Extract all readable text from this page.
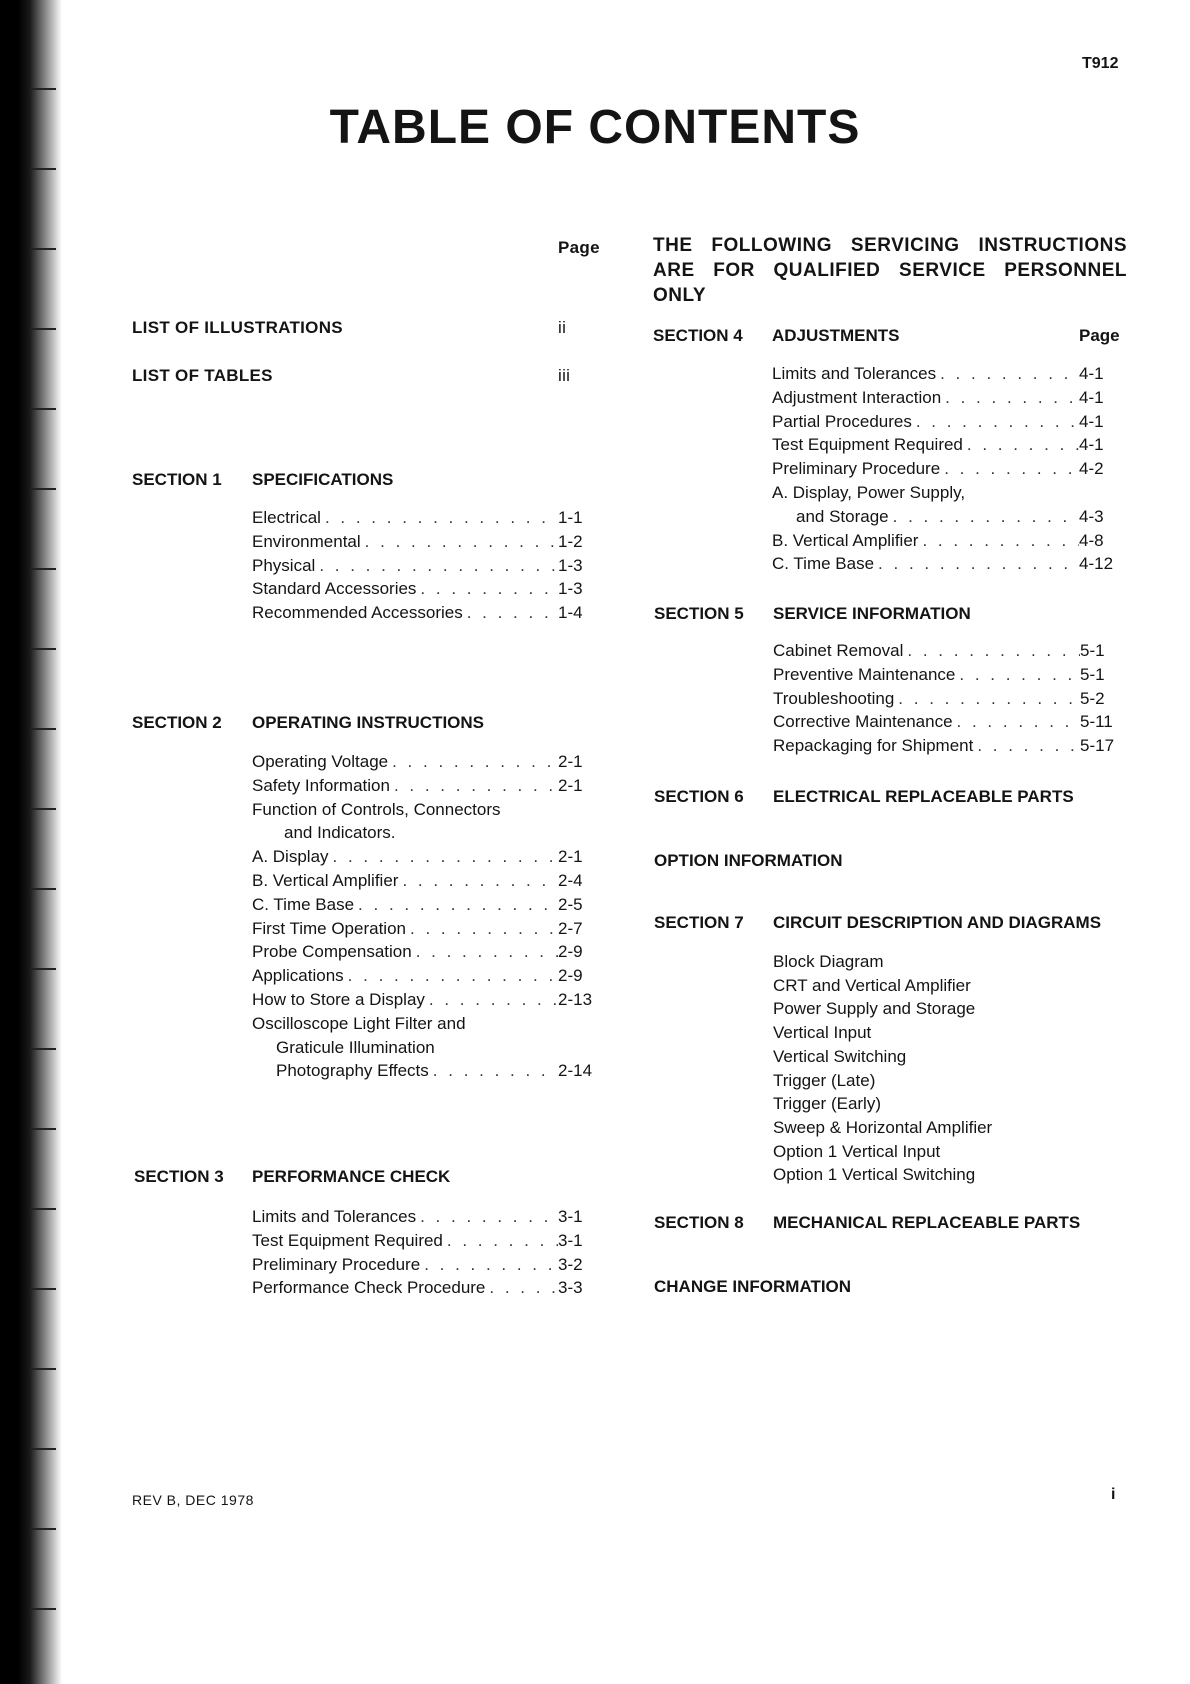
T912
TABLE OF CONTENTS
Page
LIST OF ILLUSTRATIONS	ii
LIST OF TABLES	iii
SECTION 1 SPECIFICATIONS
Electrical . . .	1-1
Environmental . . .	1-2
Physical . . .	1-3
Standard Accessories . . .	1-3
Recommended Accessories . . .	1-4
SECTION 2 OPERATING INSTRUCTIONS
Operating Voltage . . .	2-1
Safety Information . . .	2-1
Function of Controls, Connectors
and Indicators.
A. Display . . .	2-1
B. Vertical Amplifier . . .	2-4
C. Time Base . . .	2-5
First Time Operation . . .	2-7
Probe Compensation . . .	2-9
Applications . . .	2-9
How to Store a Display . . .	2-13
Oscilloscope Light Filter and
Graticule Illumination
Photography Effects . . .	2-14
SECTION 3 PERFORMANCE CHECK
Limits and Tolerances . . .	3-1
Test Equipment Required . . .	3-1
Preliminary Procedure . . .	3-2
Performance Check Procedure . . .	3-3
THE FOLLOWING SERVICING INSTRUCTIONS
ARE FOR QUALIFIED SERVICE PERSONNEL
ONLY
SECTION 4 ADJUSTMENTS	Page
Limits and Tolerances . . .	4-1
Adjustment Interaction . . .	4-1
Partial Procedures . . .	4-1
Test Equipment Required . . .	4-1
Preliminary Procedure . . .	4-2
A. Display, Power Supply,
and Storage . . .	4-3
B. Vertical Amplifier . . .	4-8
C. Time Base . . .	4-12
SECTION 5 SERVICE INFORMATION
Cabinet Removal . . .	5-1
Preventive Maintenance . . .	5-1
Troubleshooting . . .	5-2
Corrective Maintenance . . .	5-11
Repackaging for Shipment . . .	5-17
SECTION 6 ELECTRICAL REPLACEABLE PARTS
OPTION INFORMATION
SECTION 7 CIRCUIT DESCRIPTION AND DIAGRAMS
Block Diagram
CRT and Vertical Amplifier
Power Supply and Storage
Vertical Input
Vertical Switching
Trigger (Late)
Trigger (Early)
Sweep & Horizontal Amplifier
Option 1 Vertical Input
Option 1 Vertical Switching
SECTION 8 MECHANICAL REPLACEABLE PARTS
CHANGE INFORMATION
REV B, DEC 1978	i
